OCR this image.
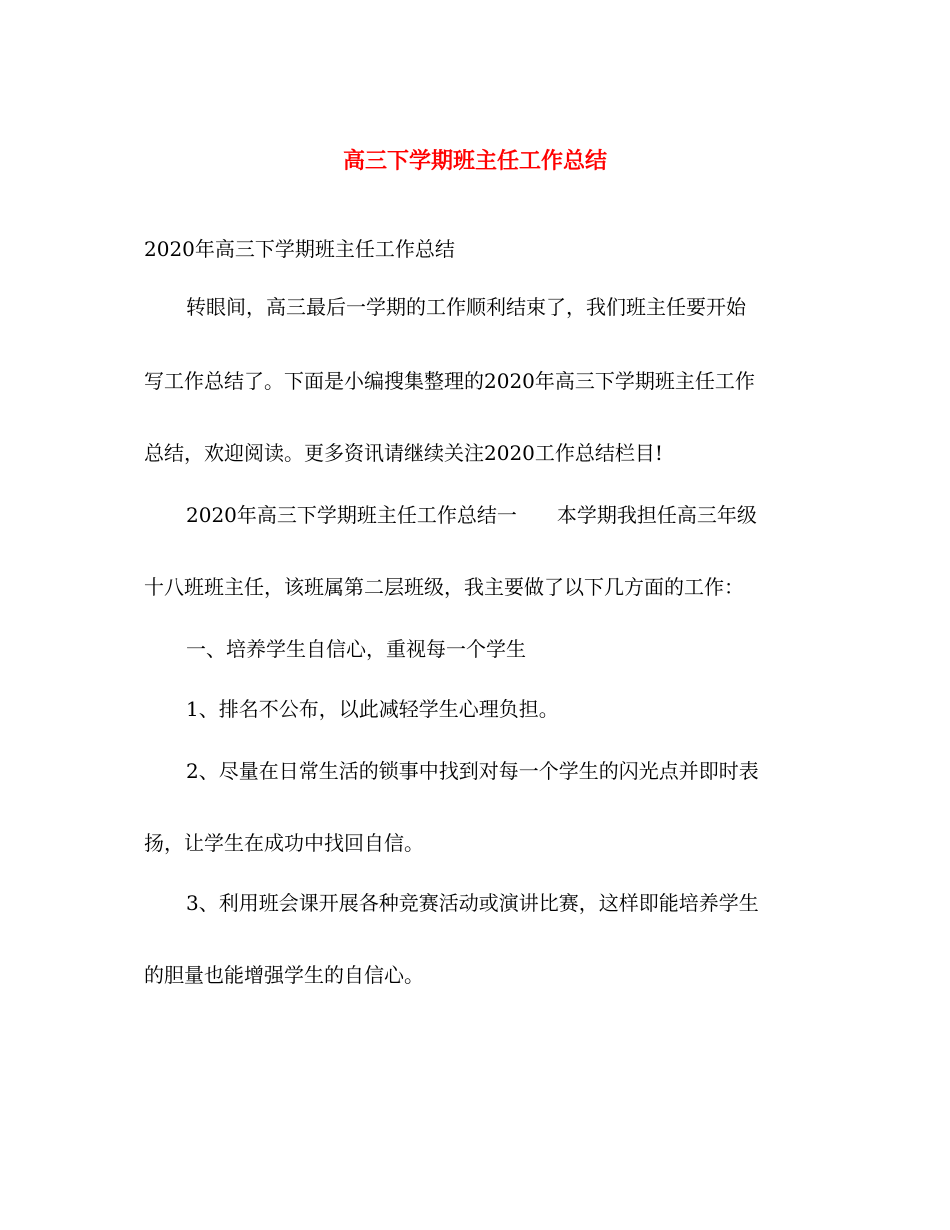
高三下学期班主任工作总结
2020年高三下学期班主任工作总结
转眼间，高三最后一学期的工作顺利结束了，我们班主任要开始
写工作总结了。下面是小编搜集整理的2020年高三下学期班主任工作
总结，欢迎阅读。更多资讯请继续关注2020工作总结栏目!
2020年高三下学期班主任工作总结一　　本学期我担任高三年级
十八班班主任，该班属第二层班级，我主要做了以下几方面的工作：
一、培养学生自信心，重视每一个学生
1、排名不公布，以此减轻学生心理负担。
2、尽量在日常生活的锁事中找到对每一个学生的闪光点并即时表
扬，让学生在成功中找回自信。
3、利用班会课开展各种竞赛活动或演讲比赛，这样即能培养学生
的胆量也能增强学生的自信心。
